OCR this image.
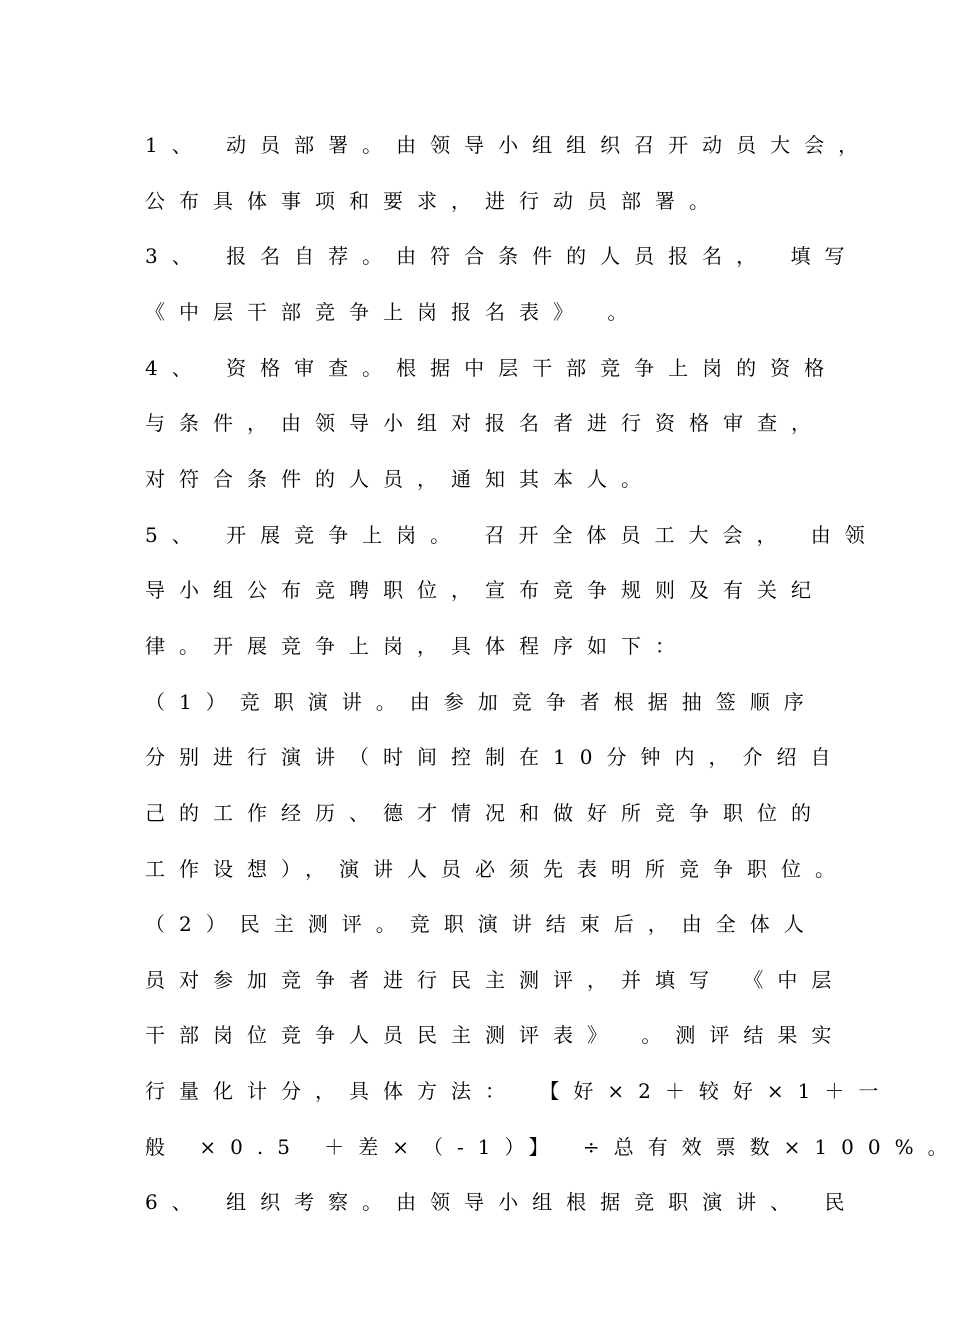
1、 动员部署。由领导小组组织召开动员大会，
公布具体事项和要求，进行动员部署。
3、 报名自荐。由符合条件的人员报名， 填写
《中层干部竞争上岗报名表》 。
4、 资格审查。根据中层干部竞争上岗的资格
与条件，由领导小组对报名者进行资格审查，
对符合条件的人员，通知其本人。
5、 开展竞争上岗。 召开全体员工大会， 由领
导小组公布竞聘职位，宣布竞争规则及有关纪
律。开展竞争上岗，具体程序如下：
（1）竞职演讲。由参加竞争者根据抽签顺序
分别进行演讲（时间控制在10分钟内，介绍自
己的工作经历、德才情况和做好所竞争职位的
工作设想），演讲人员必须先表明所竞争职位。
（2）民主测评。竞职演讲结束后，由全体人
员对参加竞争者进行民主测评，并填写 《中层
干部岗位竞争人员民主测评表》 。测评结果实
行量化计分，具体方法： 【好×2＋较好×1＋一
般 ×0.5 ＋差×（-1）】 ÷总有效票数×100%。
6、 组织考察。由领导小组根据竞职演讲、 民
